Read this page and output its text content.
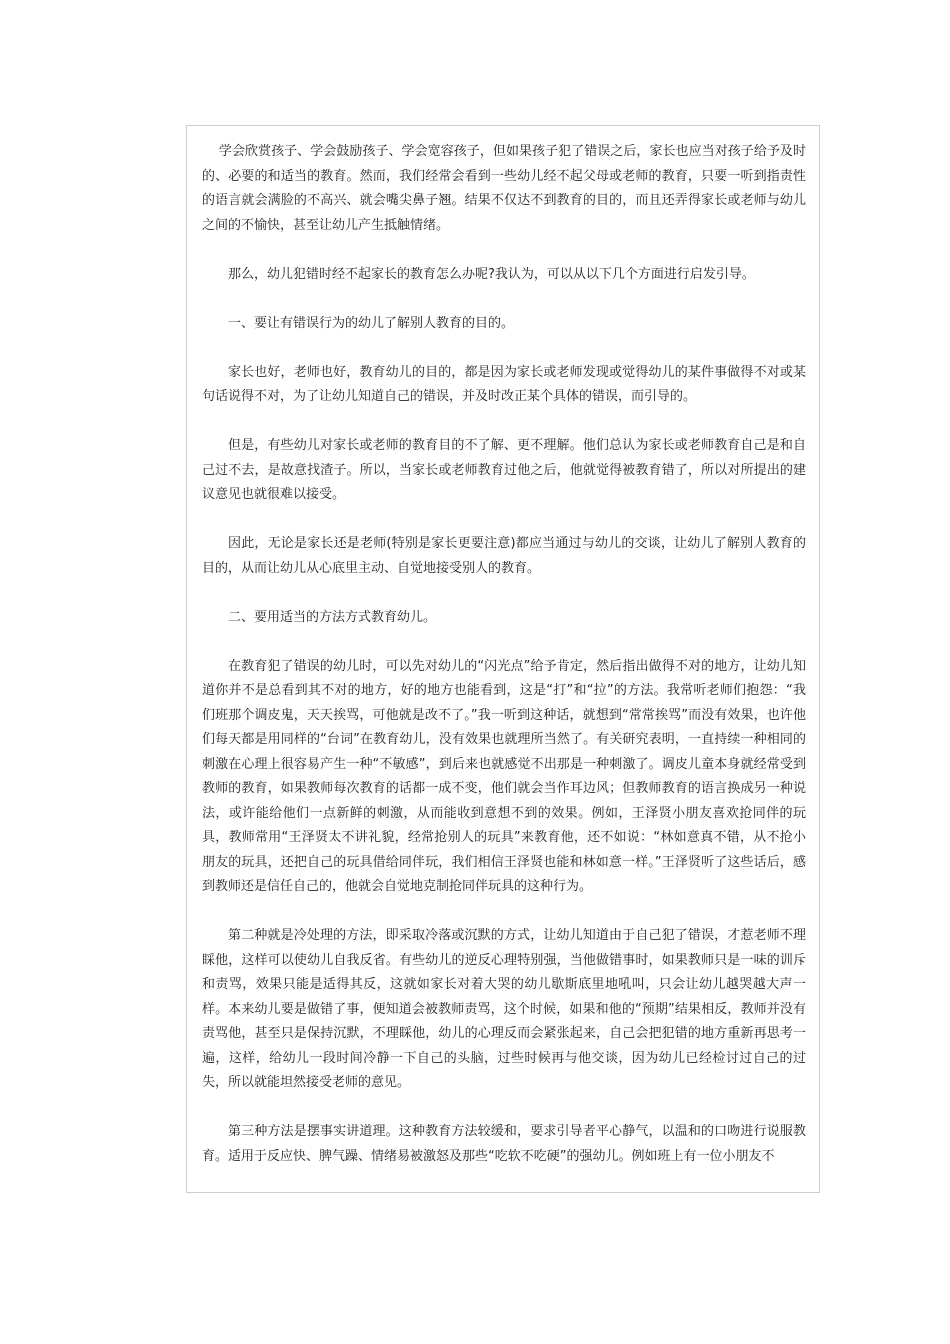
学会欣赏孩子、学会鼓励孩子、学会宽容孩子，但如果孩子犯了错误之后，家长也应当对孩子给予及时的、必要的和适当的教育。然而，我们经常会看到一些幼儿经不起父母或老师的教育，只要一听到指责性的语言就会满脸的不高兴、就会嘴尖鼻子翘。结果不仅达不到教育的目的，而且还弄得家长或老师与幼儿之间的不愉快，甚至让幼儿产生抵触情绪。

那么，幼儿犯错时经不起家长的教育怎么办呢?我认为，可以从以下几个方面进行启发引导。

一、要让有错误行为的幼儿了解别人教育的目的。

家长也好，老师也好，教育幼儿的目的，都是因为家长或老师发现或觉得幼儿的某件事做得不对或某句话说得不对，为了让幼儿知道自己的错误，并及时改正某个具体的错误，而引导的。

但是，有些幼儿对家长或老师的教育目的不了解、更不理解。他们总认为家长或老师教育自己是和自己过不去，是故意找渣子。所以，当家长或老师教育过他之后，他就觉得被教育错了，所以对所提出的建议意见也就很难以接受。

因此，无论是家长还是老师(特别是家长更要注意)都应当通过与幼儿的交谈，让幼儿了解别人教育的目的，从而让幼儿从心底里主动、自觉地接受别人的教育。

二、要用适当的方法方式教育幼儿。

在教育犯了错误的幼儿时，可以先对幼儿的“闪光点”给予肯定，然后指出做得不对的地方，让幼儿知道你并不是总看到其不对的地方，好的地方也能看到，这是“打”和“拉”的方法。我常听老师们抱怨：“我们班那个调皮鬼，天天挨骂，可他就是改不了。”我一听到这种话，就想到“常常挨骂”而没有效果，也许他们每天都是用同样的“台词”在教育幼儿，没有效果也就理所当然了。有关研究表明，一直持续一种相同的刺激在心理上很容易产生一种“不敏感”，到后来也就感觉不出那是一种刺激了。调皮儿童本身就经常受到教师的教育，如果教师每次教育的话都一成不变，他们就会当作耳边风；但教师教育的语言换成另一种说法，或许能给他们一点新鲜的刺激，从而能收到意想不到的效果。例如，王泽贤小朋友喜欢抢同伴的玩具，教师常用“王泽贤太不讲礼貌，经常抢别人的玩具”来教育他，还不如说：“林如意真不错，从不抢小朋友的玩具，还把自己的玩具借给同伴玩，我们相信王泽贤也能和林如意一样。”王泽贤听了这些话后，感到教师还是信任自己的，他就会自觉地克制抢同伴玩具的这种行为。

第二种就是冷处理的方法，即采取冷落或沉默的方式，让幼儿知道由于自己犯了错误，才惹老师不理睬他，这样可以使幼儿自我反省。有些幼儿的逆反心理特别强，当他做错事时，如果教师只是一味的训斥和责骂，效果只能是适得其反，这就如家长对着大哭的幼儿歇斯底里地吼叫，只会让幼儿越哭越大声一样。本来幼儿要是做错了事，便知道会被教师责骂，这个时候，如果和他的“预期”结果相反，教师并没有责骂他，甚至只是保持沉默，不理睬他，幼儿的心理反而会紧张起来，自己会把犯错的地方重新再思考一遍，这样，给幼儿一段时间冷静一下自己的头脑，过些时候再与他交谈，因为幼儿已经检讨过自己的过失，所以就能坦然接受老师的意见。

第三种方法是摆事实讲道理。这种教育方法较缓和，要求引导者平心静气，以温和的口吻进行说服教育。适用于反应快、脾气躁、情绪易被激怒及那些“吃软不吃硬”的强幼儿。例如班上有一位小朋友不
